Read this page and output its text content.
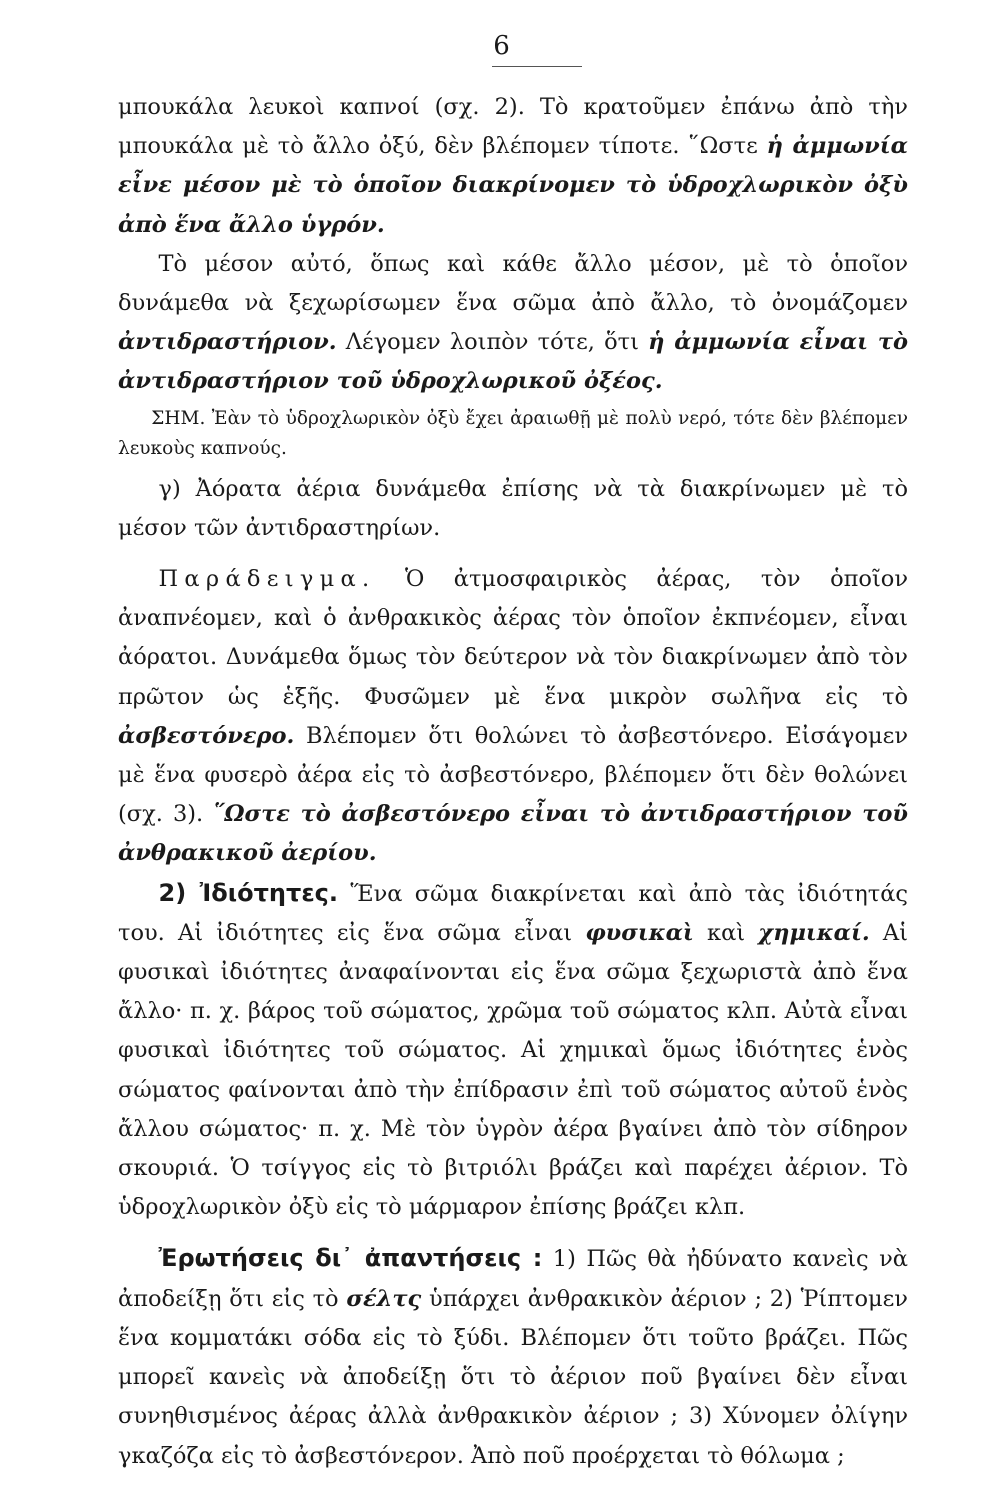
6

μπουκάλα λευκοὶ καπνοί (σχ. 2). Τὸ κρατοῦμεν ἐπάνω ἀπὸ τὴν μπουκάλα μὲ τὸ ἄλλο ὀξύ, δὲν βλέπομεν τίποτε. ῞Ωστε ἡ ἀμμωνία εἶνε μέσον μὲ τὸ ὁποῖον διακρίνομεν τὸ ὑδροχλωρικὸν ὀξὺ ἀπὸ ἕνα ἄλλο ὑγρόν.

Τὸ μέσον αὐτό, ὅπως καὶ κάθε ἄλλο μέσον, μὲ τὸ ὁποῖον δυνάμεθα νὰ ξεχωρίσωμεν ἕνα σῶμα ἀπὸ ἄλλο, τὸ ὀνομάζομεν ἀντιδραστήριον. Λέγομεν λοιπὸν τότε, ὅτι ἡ ἀμμωνία εἶναι τὸ ἀντιδραστήριον τοῦ ὑδροχλωρικοῦ ὀξέος.

ΣΗΜ. Ἐὰν τὸ ὑδροχλωρικὸν ὀξὺ ἔχει ἀραιωθῇ μὲ πολὺ νερό, τότε δὲν βλέπομεν λευκοὺς καπνούς.

γ) Ἀόρατα ἀέρια δυνάμεθα ἐπίσης νὰ τὰ διακρίνωμεν μὲ τὸ μέσον τῶν ἀντιδραστηρίων.

Παράδειγμα. Ὁ ἀτμοσφαιρικὸς ἀέρας, τὸν ὁποῖον ἀναπνέομεν, καὶ ὁ ἀνθρακικὸς ἀέρας τὸν ὁποῖον ἐκπνέομεν, εἶναι ἀόρατοι. Δυνάμεθα ὅμως τὸν δεύτερον νὰ τὸν διακρίνωμεν ἀπὸ τὸν πρῶτον ὡς ἑξῆς. Φυσῶμεν μὲ ἕνα μικρὸν σωλῆνα εἰς τὸ ἀσβεστόνερο. Βλέπομεν ὅτι θολώνει τὸ ἀσβεστόνερο. Εἰσάγομεν μὲ ἕνα φυσερὸ ἀέρα εἰς τὸ ἀσβεστόνερο, βλέπομεν ὅτι δὲν θολώνει (σχ. 3). ῞Ωστε τὸ ἀσβεστόνερο εἶναι τὸ ἀντιδραστήριον τοῦ ἀνθρακικοῦ ἀερίου.

2) Ἰδιότητες. Ἕνα σῶμα διακρίνεται καὶ ἀπὸ τὰς ἰδιότητάς του. Αἱ ἰδιότητες εἰς ἕνα σῶμα εἶναι φυσικαὶ καὶ χημικαί. Αἱ φυσικαὶ ἰδιότητες ἀναφαίνονται εἰς ἕνα σῶμα ξεχωριστὰ ἀπὸ ἕνα ἄλλο· π. χ. βάρος τοῦ σώματος, χρῶμα τοῦ σώματος κλπ. Αὐτὰ εἶναι φυσικαὶ ἰδιότητες τοῦ σώματος. Αἱ χημικαὶ ὅμως ἰδιότητες ἑνὸς σώματος φαίνονται ἀπὸ τὴν ἐπίδρασιν ἐπὶ τοῦ σώματος αὐτοῦ ἑνὸς ἄλλου σώματος· π. χ. Μὲ τὸν ὑγρὸν ἀέρα βγαίνει ἀπὸ τὸν σίδηρον σκουριά. Ὁ τσίγγος εἰς τὸ βιτριόλι βράζει καὶ παρέχει ἀέριον. Τὸ ὑδροχλωρικὸν ὀξὺ εἰς τὸ μάρμαρον ἐπίσης βράζει κλπ.

Ἐρωτήσεις δι᾽ ἀπαντήσεις : 1) Πῶς θὰ ἠδύνατο κανεὶς νὰ ἀποδείξῃ ὅτι εἰς τὸ σέλτς ὑπάρχει ἀνθρακικὸν ἀέριον ; 2) Ῥίπτομεν ἕνα κομματάκι σόδα εἰς τὸ ξύδι. Βλέπομεν ὅτι τοῦτο βράζει. Πῶς μπορεῖ κανεὶς νὰ ἀποδείξῃ ὅτι τὸ ἀέριον ποῦ βγαίνει δὲν εἶναι συνηθισμένος ἀέρας ἀλλὰ ἀνθρακικὸν ἀέριον ; 3) Χύνομεν ὀλίγην γκαζόζα εἰς τὸ ἀσβεστόνερον. Ἀπὸ ποῦ προέρχεται τὸ θόλωμα ;
